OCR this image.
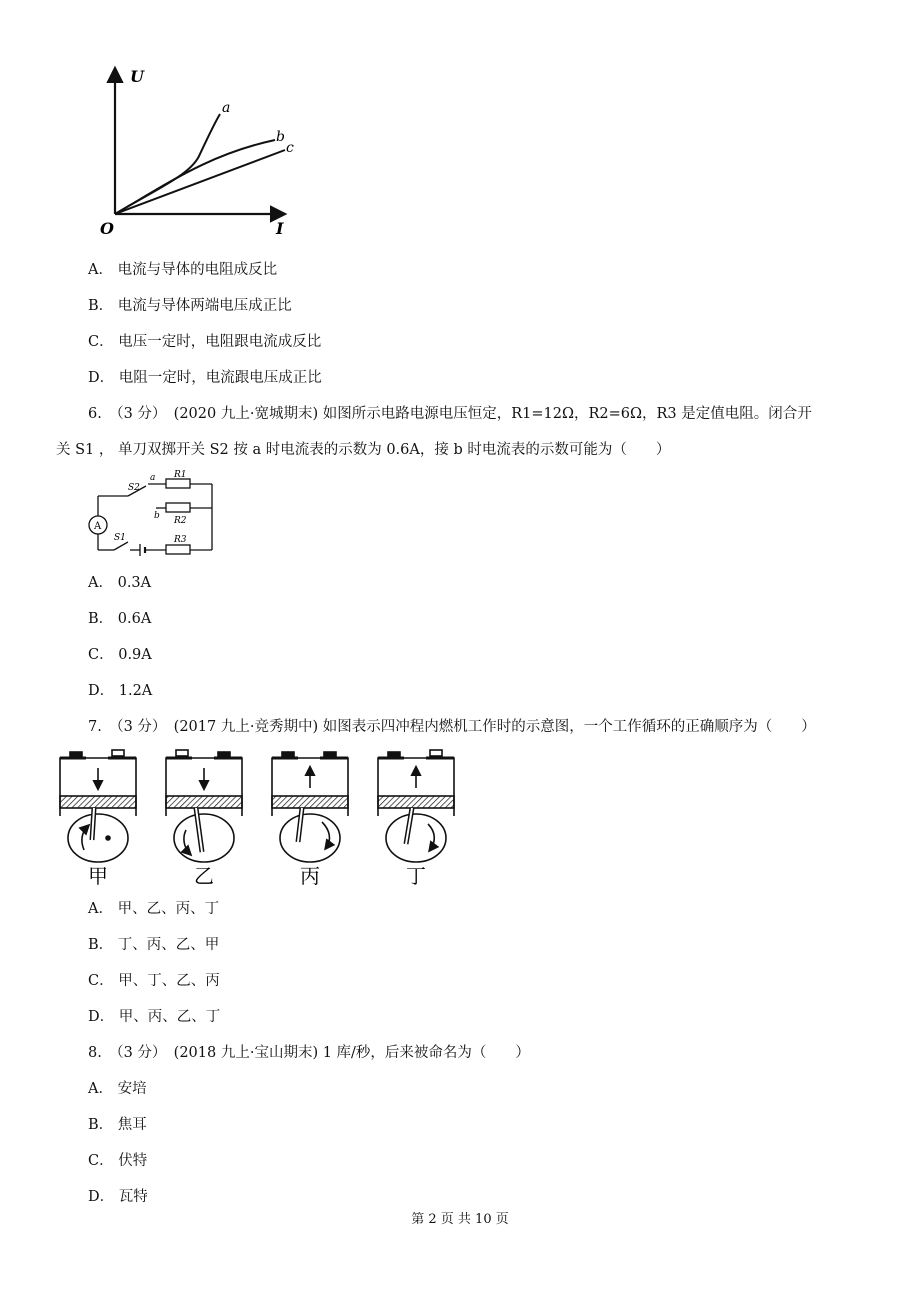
U
I
O
a
b
c
A． 电流与导体的电阻成反比
B． 电流与导体两端电压成正比
C． 电压一定时，电阻跟电流成反比
D． 电阻一定时，电流跟电压成正比
6.　（3 分）　(2020 九上·宽城期末) 如图所示电路电源电压恒定，R1=12Ω，R2=6Ω，R3 是定值电阻。闭合开
关 S1 ， 单刀双掷开关 S2 按 a 时电流表的示数为 0.6A，接 b 时电流表的示数可能为（　　）
A
S2
a
b
R1
R2
R3
S1
A． 0.3A
B． 0.6A
C． 0.9A
D． 1.2A
7.　（3 分）　(2017 九上·竞秀期中) 如图表示四冲程内燃机工作时的示意图，一个工作循环的正确顺序为（　　）
甲	乙	丙	丁
A． 甲、乙、丙、丁
B． 丁、丙、乙、甲
C． 甲、丁、乙、丙
D． 甲、丙、乙、丁
8.　（3 分）　(2018 九上·宝山期末) 1 库/秒，后来被命名为（　　）
A． 安培
B． 焦耳
C． 伏特
D． 瓦特
第 2 页 共 10 页
